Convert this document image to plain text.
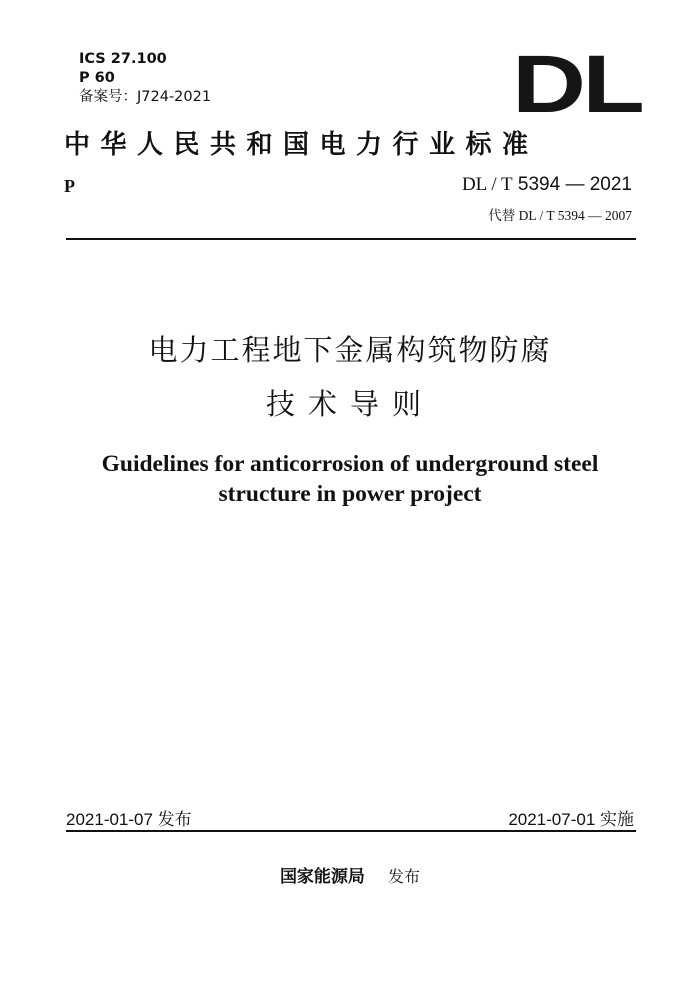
ICS 27.100
P 60
备案号：J724-2021	DL
中华人民共和国电力行业标准
P	DL / T 5394 — 2021
代替 DL / T 5394 — 2007
电力工程地下金属构筑物防腐
技术导则
Guidelines for anticorrosion of underground steel
structure in power project
2021-01-07 发布	2021-07-01 实施
国家能源局 发布
